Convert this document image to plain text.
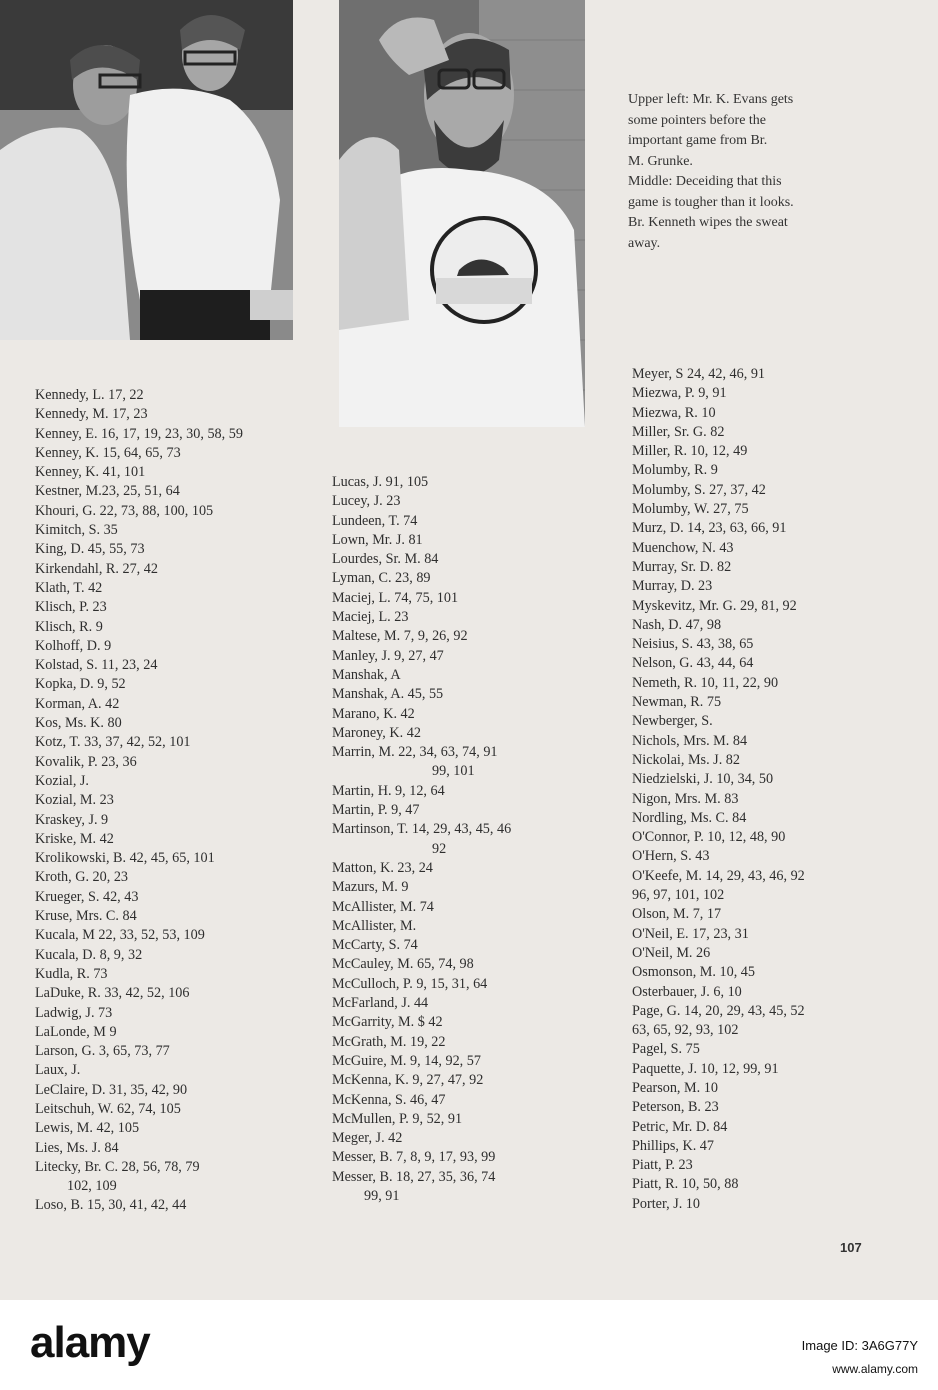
Upper left: Mr. K. Evans gets
some pointers before the
important game from Br.
M. Grunke.
Middle: Deceiding that this
game is tougher than it looks.
Br. Kenneth wipes the sweat
away.
Kennedy, L. 17, 22
Kennedy, M. 17, 23
Kenney, E. 16, 17, 19, 23, 30, 58, 59
Kenney, K. 15, 64, 65, 73
Kenney, K. 41, 101
Kestner, M.23, 25, 51, 64
Khouri, G. 22, 73, 88, 100, 105
Kimitch, S. 35
King, D. 45, 55, 73
Kirkendahl, R. 27, 42
Klath, T. 42
Klisch, P. 23
Klisch, R. 9
Kolhoff, D. 9
Kolstad, S. 11, 23, 24
Kopka, D. 9, 52
Korman, A. 42
Kos, Ms. K. 80
Kotz, T. 33, 37, 42, 52, 101
Kovalik, P. 23, 36
Kozial, J.
Kozial, M. 23
Kraskey, J. 9
Kriske, M. 42
Krolikowski, B. 42, 45, 65, 101
Kroth, G. 20, 23
Krueger, S. 42, 43
Kruse, Mrs. C. 84
Kucala, M 22, 33, 52, 53, 109
Kucala, D. 8, 9, 32
Kudla, R. 73
LaDuke, R. 33, 42, 52, 106
Ladwig, J. 73
LaLonde, M 9
Larson, G. 3, 65, 73, 77
Laux, J.
LeClaire, D. 31, 35, 42, 90
Leitschuh, W. 62, 74, 105
Lewis, M. 42, 105
Lies, Ms. J. 84
Litecky, Br. C. 28, 56, 78, 79
102, 109
Loso, B. 15, 30, 41, 42, 44
Lucas, J. 91, 105
Lucey, J. 23
Lundeen, T. 74
Lown, Mr. J. 81
Lourdes, Sr. M. 84
Lyman, C. 23, 89
Maciej, L. 74, 75, 101
Maciej, L. 23
Maltese, M. 7, 9, 26, 92
Manley, J. 9, 27, 47
Manshak, A
Manshak, A. 45, 55
Marano, K. 42
Maroney, K. 42
Marrin, M. 22, 34, 63, 74, 91
99, 101
Martin, H. 9, 12, 64
Martin, P. 9, 47
Martinson, T. 14, 29, 43, 45, 46
92
Matton, K. 23, 24
Mazurs, M. 9
McAllister, M. 74
McAllister, M.
McCarty, S. 74
McCauley, M. 65, 74, 98
McCulloch, P. 9, 15, 31, 64
McFarland, J. 44
McGarrity, M. $ 42
McGrath, M. 19, 22
McGuire, M. 9, 14, 92, 57
McKenna, K. 9, 27, 47, 92
McKenna, S. 46, 47
McMullen, P. 9, 52, 91
Meger, J. 42
Messer, B. 7, 8, 9, 17, 93, 99
Messer, B. 18, 27, 35, 36, 74
99, 91
Meyer, S 24, 42, 46, 91
Miezwa, P. 9, 91
Miezwa, R. 10
Miller, Sr. G. 82
Miller, R. 10, 12, 49
Molumby, R. 9
Molumby, S. 27, 37, 42
Molumby, W. 27, 75
Murz, D. 14, 23, 63, 66, 91
Muenchow, N. 43
Murray, Sr. D. 82
Murray, D. 23
Myskevitz, Mr. G. 29, 81, 92
Nash, D. 47, 98
Neisius, S. 43, 38, 65
Nelson, G. 43, 44, 64
Nemeth, R. 10, 11, 22, 90
Newman, R. 75
Newberger, S.
Nichols, Mrs. M. 84
Nickolai, Ms. J. 82
Niedzielski, J. 10, 34, 50
Nigon, Mrs. M. 83
Nordling, Ms. C. 84
O'Connor, P. 10, 12, 48, 90
O'Hern, S. 43
O'Keefe, M. 14, 29, 43, 46, 92
96, 97, 101, 102
Olson, M. 7, 17
O'Neil, E. 17, 23, 31
O'Neil, M. 26
Osmonson, M. 10, 45
Osterbauer, J. 6, 10
Page, G. 14, 20, 29, 43, 45, 52
63, 65, 92, 93, 102
Pagel, S. 75
Paquette, J. 10, 12, 99, 91
Pearson, M. 10
Peterson, B. 23
Petric, Mr. D. 84
Phillips, K. 47
Piatt, P. 23
Piatt, R. 10, 50, 88
Porter, J. 10
107
alamy	Image ID: 3A6G77Y
www.alamy.com
